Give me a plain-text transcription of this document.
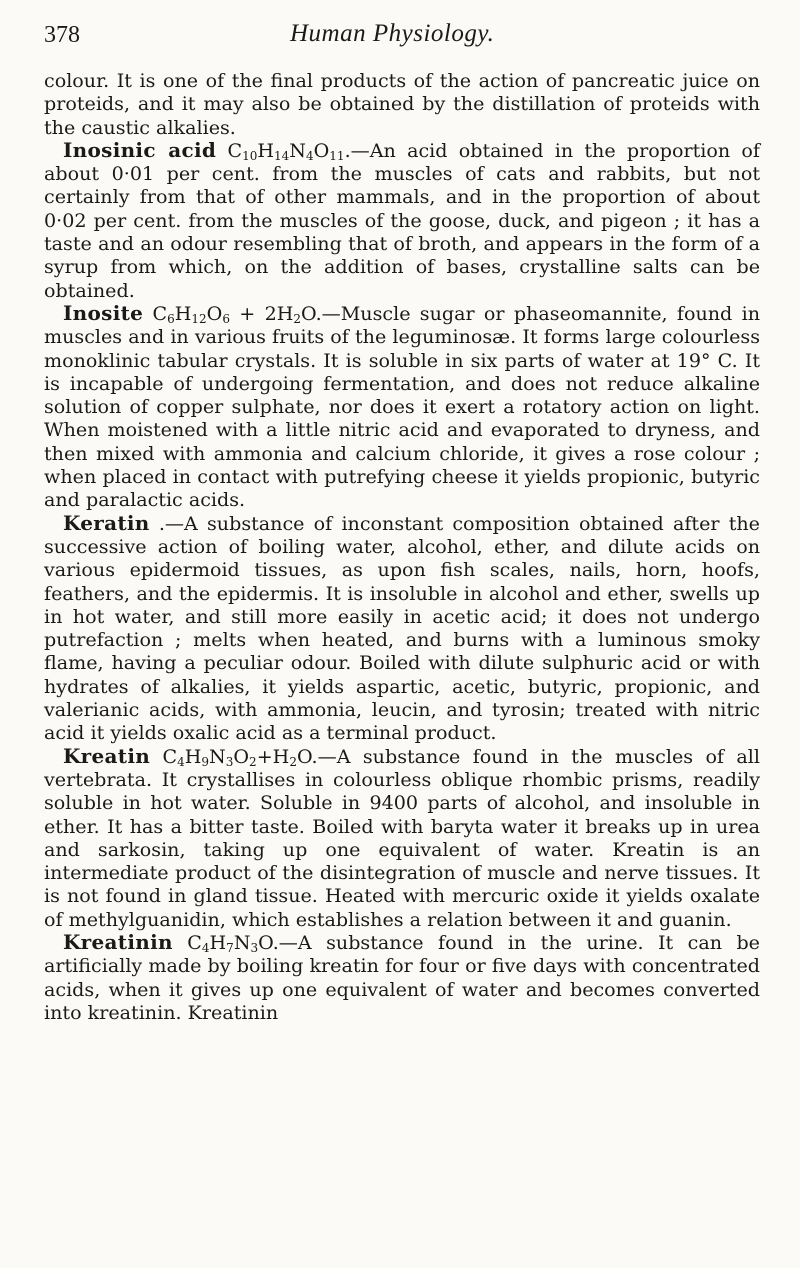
378	Human Physiology.

colour. It is one of the final products of the action of pancreatic juice on proteids, and it may also be obtained by the distillation of proteids with the caustic alkalies.

Inosinic acid $C_{10}H_{14}N_4O_{11}.—An$ acid obtained in the proportion of about 0·01 per cent. from the muscles of cats and rabbits, but not certainly from that of other mammals, and in the proportion of about 0·02 per cent. from the muscles of the goose, duck, and pigeon ; it has a taste and an odour resembling that of broth, and appears in the form of a syrup from which, on the addition of bases, crystalline salts can be obtained.

Inosite $C_6H_{12}O_6$ + $2H_2O.—Muscle$ sugar or phaseomannite, found in muscles and in various fruits of the leguminosæ. It forms large colourless monoklinic tabular crystals. It is soluble in six parts of water at 19° C. It is incapable of undergoing fermentation, and does not reduce alkaline solution of copper sulphate, nor does it exert a rotatory action on light. When moistened with a little nitric acid and evaporated to dryness, and then mixed with ammonia and calcium chloride, it gives a rose colour ; when placed in contact with putrefying cheese it yields propionic, butyric and paralactic acids.

Keratin .—A substance of inconstant composition obtained after the successive action of boiling water, alcohol, ether, and dilute acids on various epidermoid tissues, as upon fish scales, nails, horn, hoofs, feathers, and the epidermis. It is insoluble in alcohol and ether, swells up in hot water, and still more easily in acetic acid; it does not undergo putrefaction ; melts when heated, and burns with a luminous smoky flame, having a peculiar odour. Boiled with dilute sulphuric acid or with hydrates of alkalies, it yields aspartic, acetic, butyric, propionic, and valerianic acids, with ammonia, leucin, and tyrosin; treated with nitric acid it yields oxalic acid as a terminal product.

Kreatin $C_4H_9N_3O_2+H_2O.—A$ substance found in the muscles of all vertebrata. It crystallises in colourless oblique rhombic prisms, readily soluble in hot water. Soluble in 9400 parts of alcohol, and insoluble in ether. It has a bitter taste. Boiled with baryta water it breaks up in urea and sarkosin, taking up one equivalent of water. Kreatin is an intermediate product of the disintegration of muscle and nerve tissues. It is not found in gland tissue. Heated with mercuric oxide it yields oxalate of methylguanidin, which establishes a relation between it and guanin.

Kreatinin $C_4H_7N_3O.—A$ substance found in the urine. It can be artificially made by boiling kreatin for four or five days with concentrated acids, when it gives up one equivalent of water and becomes converted into kreatinin. Kreatinin
